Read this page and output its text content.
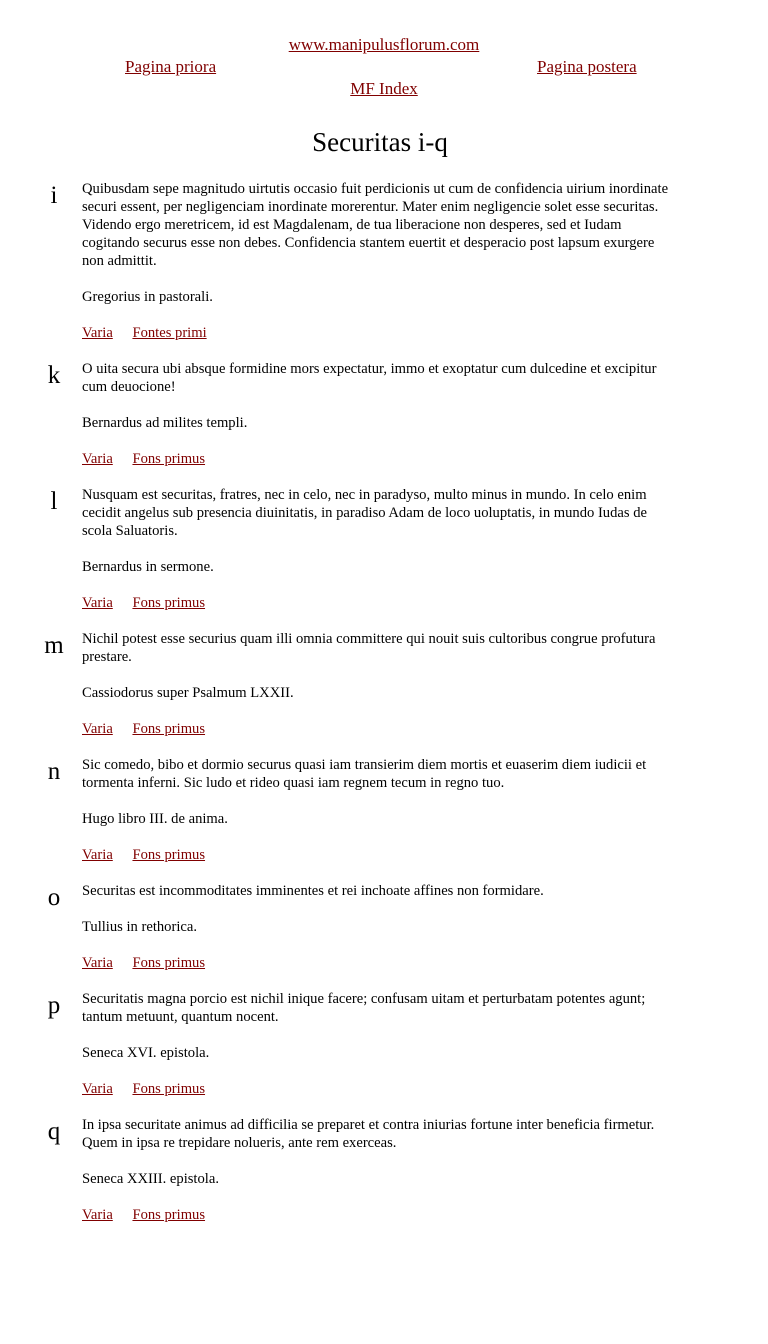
www.manipulusflorum.com
Pagina priora	Pagina postera
MF Index
Securitas i-q
i	Quibusdam sepe magnitudo uirtutis occasio fuit perdicionis ut cum de confidencia uirium inordinate securi essent, per negligenciam inordinate morerentur. Mater enim negligencie solet esse securitas. Videndo ergo meretricem, id est Magdalenam, de tua liberacione non desperes, sed et Iudam cogitando securus esse non debes. Confidencia stantem euertit et desperacio post lapsum exurgere non admittit.

Gregorius in pastorali.

Varia Fontes primi
k	O uita secura ubi absque formidine mors expectatur, immo et exoptatur cum dulcedine et excipitur cum deuocione!

Bernardus ad milites templi.

Varia Fons primus
l	Nusquam est securitas, fratres, nec in celo, nec in paradyso, multo minus in mundo. In celo enim cecidit angelus sub presencia diuinitatis, in paradiso Adam de loco uoluptatis, in mundo Iudas de scola Saluatoris.

Bernardus in sermone.

Varia Fons primus
m Nichil potest esse securius quam illi omnia committere qui nouit suis cultoribus congrue profutura prestare.

Cassiodorus super Psalmum LXXII.

Varia Fons primus
n	Sic comedo, bibo et dormio securus quasi iam transierim diem mortis et euaserim diem iudicii et tormenta inferni. Sic ludo et rideo quasi iam regnem tecum in regno tuo.

Hugo libro III. de anima.

Varia Fons primus
o	Securitas est incommoditates imminentes et rei inchoate affines non formidare.

Tullius in rethorica.

Varia Fons primus
p	Securitatis magna porcio est nichil inique facere; confusam uitam et perturbatam potentes agunt; tantum metuunt, quantum nocent.

Seneca XVI. epistola.

Varia Fons primus
q	In ipsa securitate animus ad difficilia se preparet et contra iniurias fortune inter beneficia firmetur. Quem in ipsa re trepidare nolueris, ante rem exerceas.

Seneca XXIII. epistola.

Varia Fons primus
